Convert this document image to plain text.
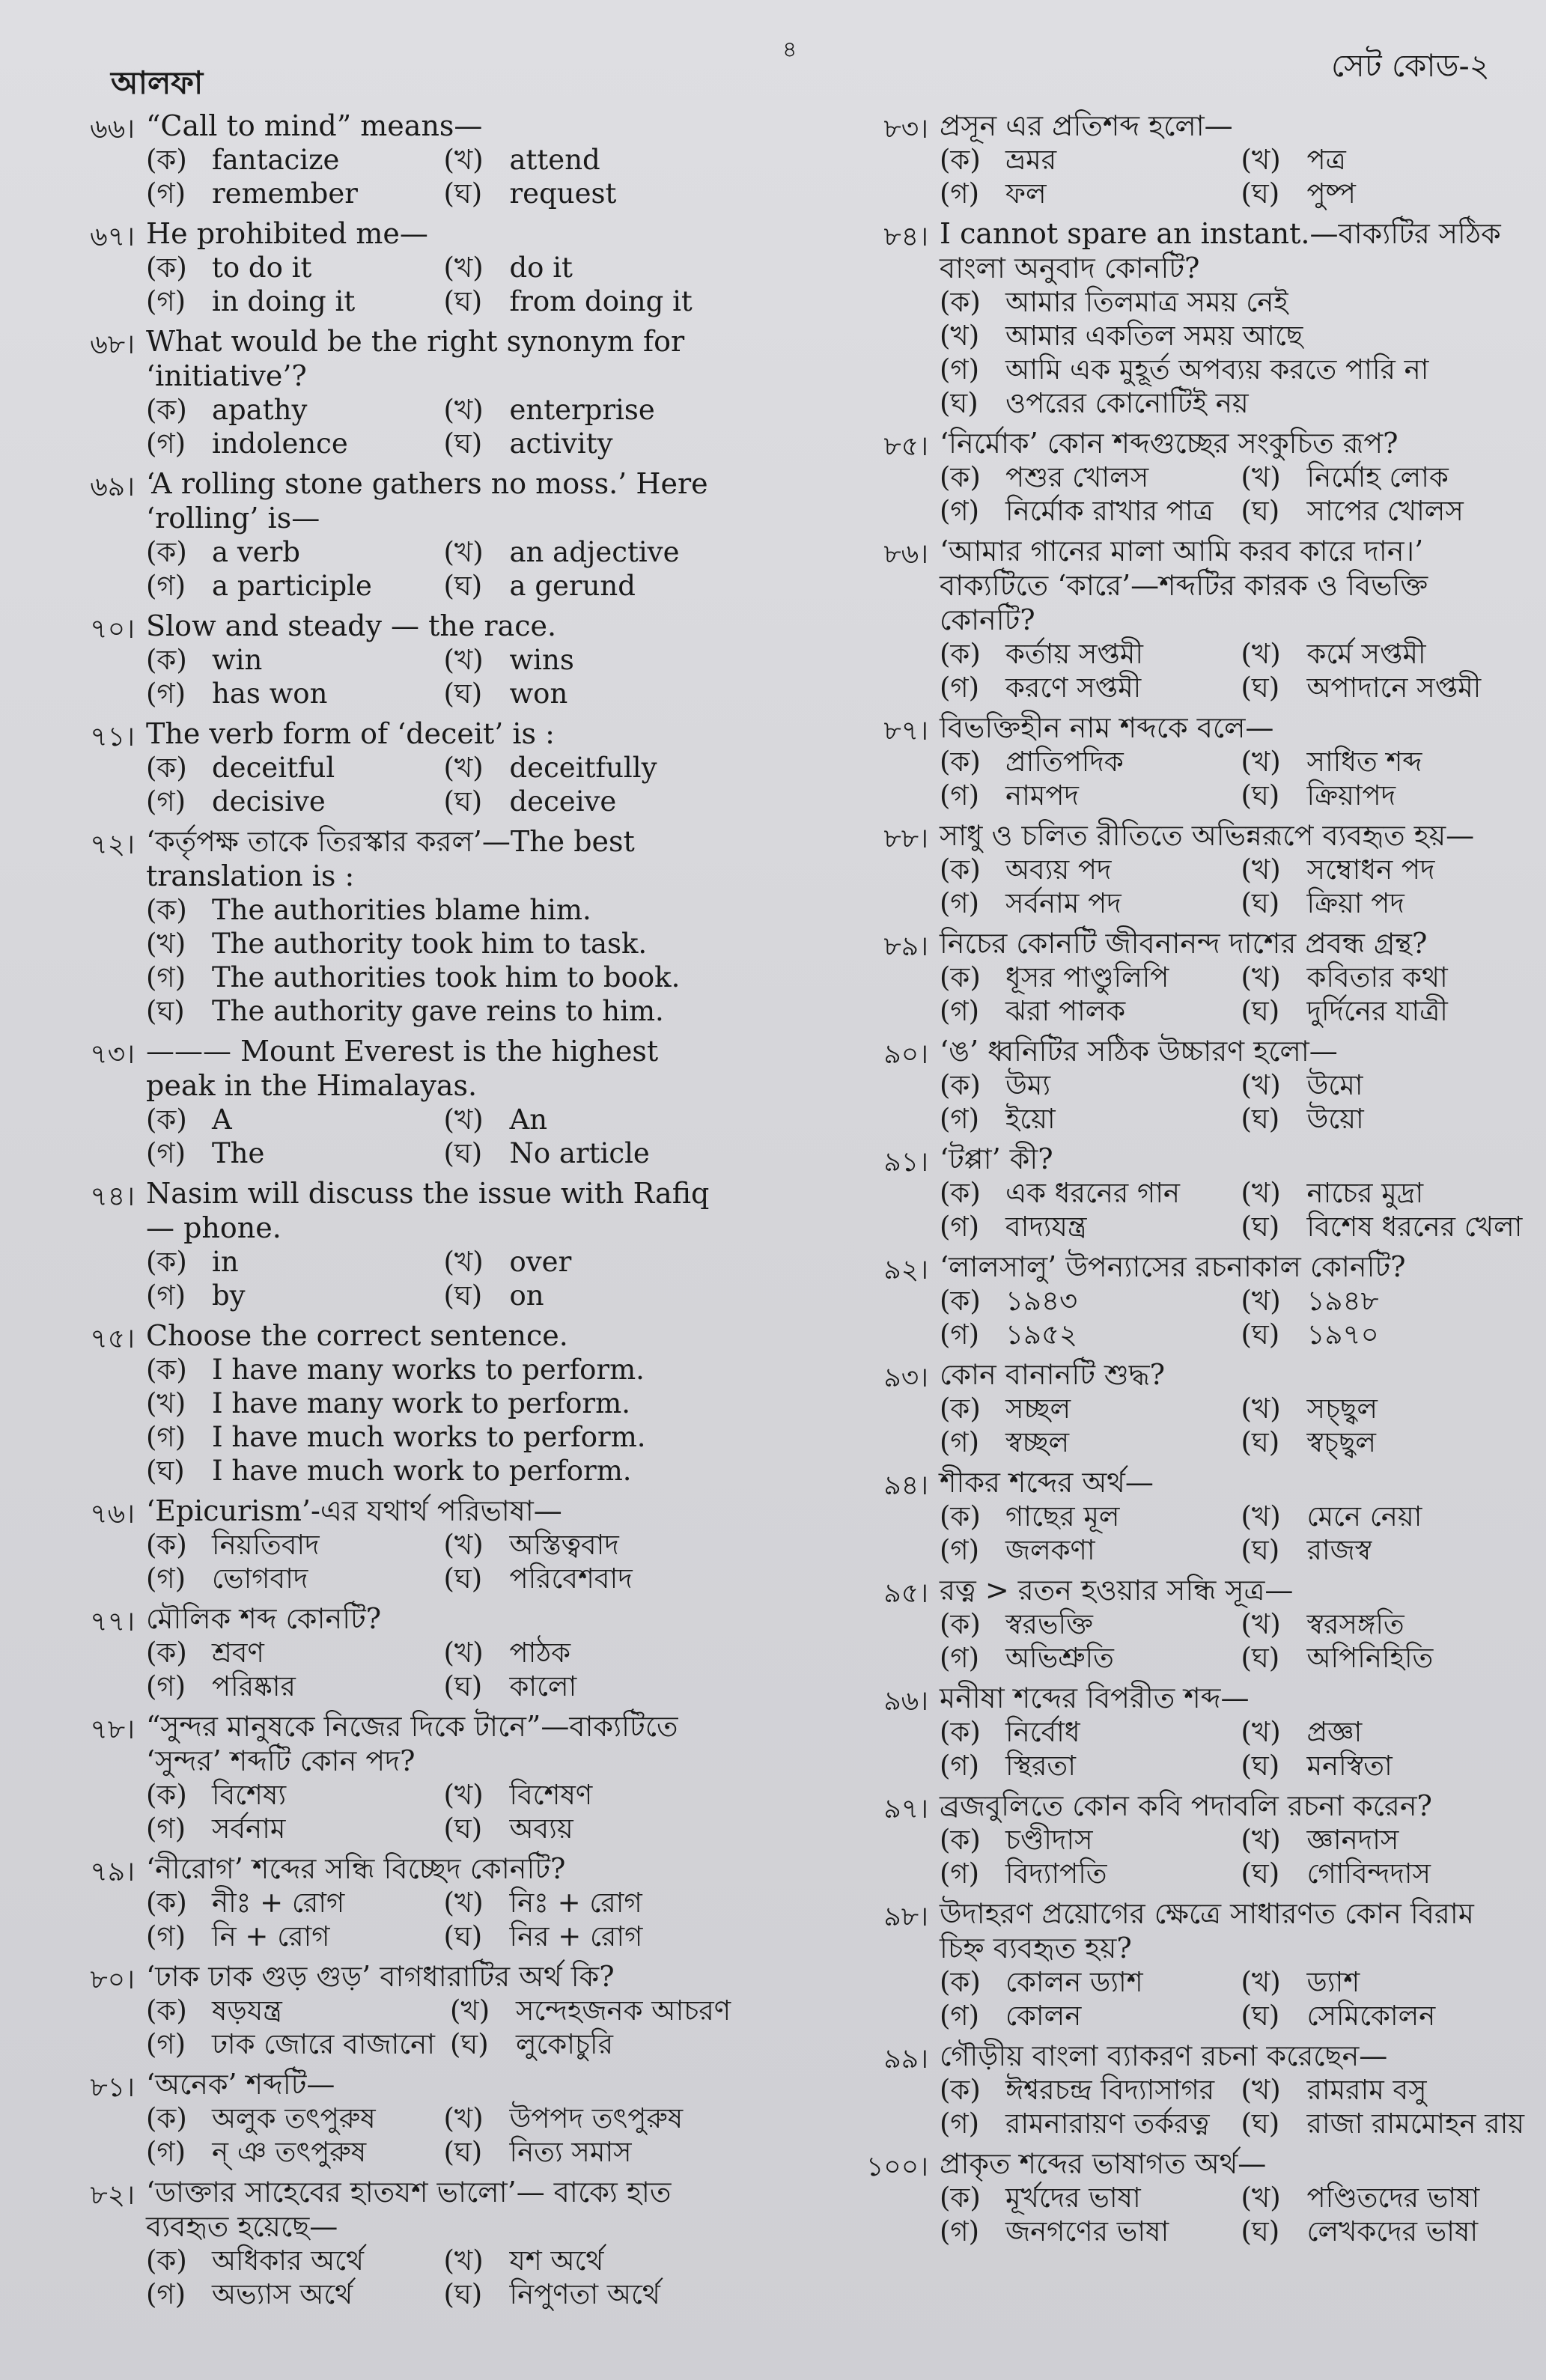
আলফা
৪	সেট কোড-২
৬৬। “Call to mind” means—
(ক) fantacize	(খ) attend
(গ) remember	(ঘ) request
৬৭। He prohibited me—
(ক) to do it	(খ) do it
(গ) in doing it	(ঘ) from doing it
৬৮। What would be the right synonym for ‘initiative’?
(ক) apathy	(খ) enterprise
(গ) indolence	(ঘ) activity
৬৯। ‘A rolling stone gathers no moss.’ Here ‘rolling’ is—
(ক) a verb	(খ) an adjective
(গ) a participle	(ঘ) a gerund
৭০। Slow and steady — the race.
(ক) win	(খ) wins
(গ) has won	(ঘ) won
৭১। The verb form of ‘deceit’ is :
(ক) deceitful	(খ) deceitfully
(গ) decisive	(ঘ) deceive
৭২। ‘কর্তৃপক্ষ তাকে তিরস্কার করল’—The best translation is :
(ক) The authorities blame him.
(খ) The authority took him to task.
(গ) The authorities took him to book.
(ঘ) The authority gave reins to him.
৭৩। ——— Mount Everest is the highest peak in the Himalayas.
(ক) A	(খ) An
(গ) The	(ঘ) No article
৭৪। Nasim will discuss the issue with Rafiq — phone.
(ক) in	(খ) over
(গ) by	(ঘ) on
৭৫। Choose the correct sentence.
(ক) I have many works to perform.
(খ) I have many work to perform.
(গ) I have much works to perform.
(ঘ) I have much work to perform.
৭৬। ‘Epicurism’-এর যথার্থ পরিভাষা—
(ক) নিয়তিবাদ	(খ) অস্তিত্ববাদ
(গ) ভোগবাদ	(ঘ) পরিবেশবাদ
৭৭। মৌলিক শব্দ কোনটি?
(ক) শ্রবণ	(খ) পাঠক
(গ) পরিষ্কার	(ঘ) কালো
৭৮। “সুন্দর মানুষকে নিজের দিকে টানে”—বাক্যটিতে ‘সুন্দর’ শব্দটি কোন পদ?
(ক) বিশেষ্য	(খ) বিশেষণ
(গ) সর্বনাম	(ঘ) অব্যয়
৭৯। ‘নীরোগ’ শব্দের সন্ধি বিচ্ছেদ কোনটি?
(ক) নীঃ + রোগ	(খ) নিঃ + রোগ
(গ) নি + রোগ	(ঘ) নির + রোগ
৮০। ‘ঢাক ঢাক গুড় গুড়’ বাগধারাটির অর্থ কি?
(ক) ষড়যন্ত্র	(খ) সন্দেহজনক আচরণ
(গ) ঢাক জোরে বাজানো (ঘ) লুকোচুরি
৮১। ‘অনেক’ শব্দটি—
(ক) অলুক তৎপুরুষ	(খ) উপপদ তৎপুরুষ
(গ) ন্ ঞ তৎপুরুষ	(ঘ) নিত্য সমাস
৮২। ‘ডাক্তার সাহেবের হাতযশ ভালো’— বাক্যে হাত ব্যবহৃত হয়েছে—
(ক) অধিকার অর্থে	(খ) যশ অর্থে
(গ) অভ্যাস অর্থে	(ঘ) নিপুণতা অর্থে
৮৩। প্রসূন এর প্রতিশব্দ হলো—
(ক) ভ্রমর	(খ) পত্র
(গ) ফল	(ঘ) পুষ্প
৮৪। I cannot spare an instant.—বাক্যটির সঠিক বাংলা অনুবাদ কোনটি?
(ক) আমার তিলমাত্র সময় নেই
(খ) আমার একতিল সময় আছে
(গ) আমি এক মুহূর্ত অপব্যয় করতে পারি না
(ঘ) ওপরের কোনোটিই নয়
৮৫। ‘নির্মোক’ কোন শব্দগুচ্ছের সংকুচিত রূপ?
(ক) পশুর খোলস	(খ) নির্মোহ লোক
(গ) নির্মোক রাখার পাত্র (ঘ) সাপের খোলস
৮৬। ‘আমার গানের মালা আমি করব কারে দান।’ বাক্যটিতে ‘কারে’—শব্দটির কারক ও বিভক্তি কোনটি?
(ক) কর্তায় সপ্তমী	(খ) কর্মে সপ্তমী
(গ) করণে সপ্তমী	(ঘ) অপাদানে সপ্তমী
৮৭। বিভক্তিহীন নাম শব্দকে বলে—
(ক) প্রাতিপদিক	(খ) সাধিত শব্দ
(গ) নামপদ	(ঘ) ক্রিয়াপদ
৮৮। সাধু ও চলিত রীতিতে অভিন্নরূপে ব্যবহৃত হয়—
(ক) অব্যয় পদ	(খ) সম্বোধন পদ
(গ) সর্বনাম পদ	(ঘ) ক্রিয়া পদ
৮৯। নিচের কোনটি জীবনানন্দ দাশের প্রবন্ধ গ্রন্থ?
(ক) ধূসর পাণ্ডুলিপি	(খ) কবিতার কথা
(গ) ঝরা পালক	(ঘ) দুর্দিনের যাত্রী
৯০। ‘ঙ’ ধ্বনিটির সঠিক উচ্চারণ হলো—
(ক) উম্য	(খ) উমো
(গ) ইয়ো	(ঘ) উয়ো
৯১। ‘টপ্পা’ কী?
(ক) এক ধরনের গান	(খ) নাচের মুদ্রা
(গ) বাদ্যযন্ত্র	(ঘ) বিশেষ ধরনের খেলা
৯২। ‘লালসালু’ উপন্যাসের রচনাকাল কোনটি?
(ক) ১৯৪৩	(খ) ১৯৪৮
(গ) ১৯৫২	(ঘ) ১৯৭০
৯৩। কোন বানানটি শুদ্ধ?
(ক) সচ্ছল	(খ) সচ্ছ্বল
(গ) স্বচ্ছল	(ঘ) স্বচ্ছ্বল
৯৪। শীকর শব্দের অর্থ—
(ক) গাছের মূল	(খ) মেনে নেয়া
(গ) জলকণা	(ঘ) রাজস্ব
৯৫। রত্ন > রতন হওয়ার সন্ধি সূত্র—
(ক) স্বরভক্তি	(খ) স্বরসঙ্গতি
(গ) অভিশ্রুতি	(ঘ) অপিনিহিতি
৯৬। মনীষা শব্দের বিপরীত শব্দ—
(ক) নির্বোধ	(খ) প্রজ্ঞা
(গ) স্থিরতা	(ঘ) মনস্বিতা
৯৭। ব্রজবুলিতে কোন কবি পদাবলি রচনা করেন?
(ক) চণ্ডীদাস	(খ) জ্ঞানদাস
(গ) বিদ্যাপতি	(ঘ) গোবিন্দদাস
৯৮। উদাহরণ প্রয়োগের ক্ষেত্রে সাধারণত কোন বিরাম চিহ্ন ব্যবহৃত হয়?
(ক) কোলন ড্যাশ	(খ) ড্যাশ
(গ) কোলন	(ঘ) সেমিকোলন
৯৯। গৌড়ীয় বাংলা ব্যাকরণ রচনা করেছেন—
(ক) ঈশ্বরচন্দ্র বিদ্যাসাগর (খ) রামরাম বসু
(গ) রামনারায়ণ তর্করত্ন	(ঘ) রাজা রামমোহন রায়
১০০। প্রাকৃত শব্দের ভাষাগত অর্থ—
(ক) মূর্খদের ভাষা	(খ) পণ্ডিতদের ভাষা
(গ) জনগণের ভাষা	(ঘ) লেখকদের ভাষা
